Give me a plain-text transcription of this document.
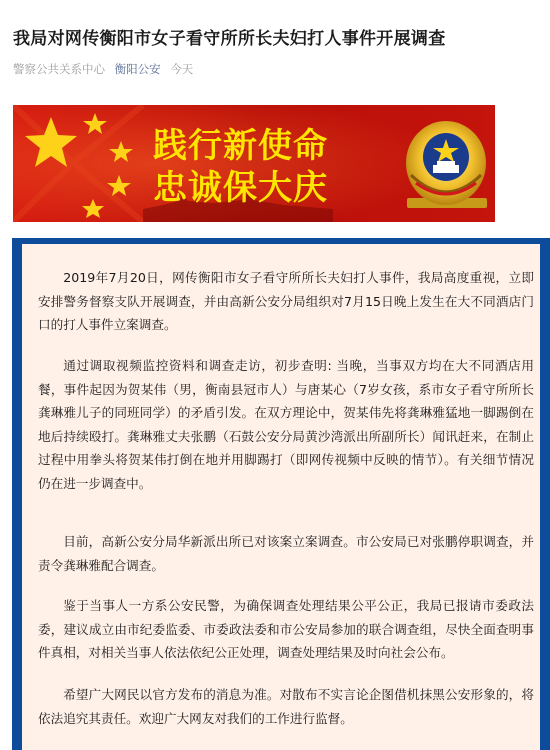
我局对网传衡阳市女子看守所所长夫妇打人事件开展调查
警察公共关系中心 衡阳公安 今天
践行新使命
忠诚保大庆

2019年7月20日，网传衡阳市女子看守所所长夫妇打人事件，我局高度重视，立即安排警务督察支队开展调查，并由高新公安分局组织对7月15日晚上发生在大不同酒店门口的打人事件立案调查。

通过调取视频监控资料和调查走访，初步查明: 当晚，当事双方均在大不同酒店用餐，事件起因为贺某伟（男，衡南县冠市人）与唐某心（7岁女孩，系市女子看守所所长龚琳雅儿子的同班同学）的矛盾引发。在双方理论中，贺某伟先将龚琳雅猛地一脚踢倒在地后持续殴打。龚琳雅丈夫张鹏（石鼓公安分局黄沙湾派出所副所长）闻讯赶来，在制止过程中用拳头将贺某伟打倒在地并用脚踢打（即网传视频中反映的情节）。有关细节情况仍在进一步调查中。

目前，高新公安分局华新派出所已对该案立案调查。市公安局已对张鹏停职调查，并责令龚琳雅配合调查。

鉴于当事人一方系公安民警，为确保调查处理结果公平公正，我局已报请市委政法委，建议成立由市纪委监委、市委政法委和市公安局参加的联合调查组，尽快全面查明事件真相，对相关当事人依法依纪公正处理，调查处理结果及时向社会公布。

希望广大网民以官方发布的消息为准。对散布不实言论企图借机抹黑公安形象的，将依法追究其责任。欢迎广大网友对我们的工作进行监督。
